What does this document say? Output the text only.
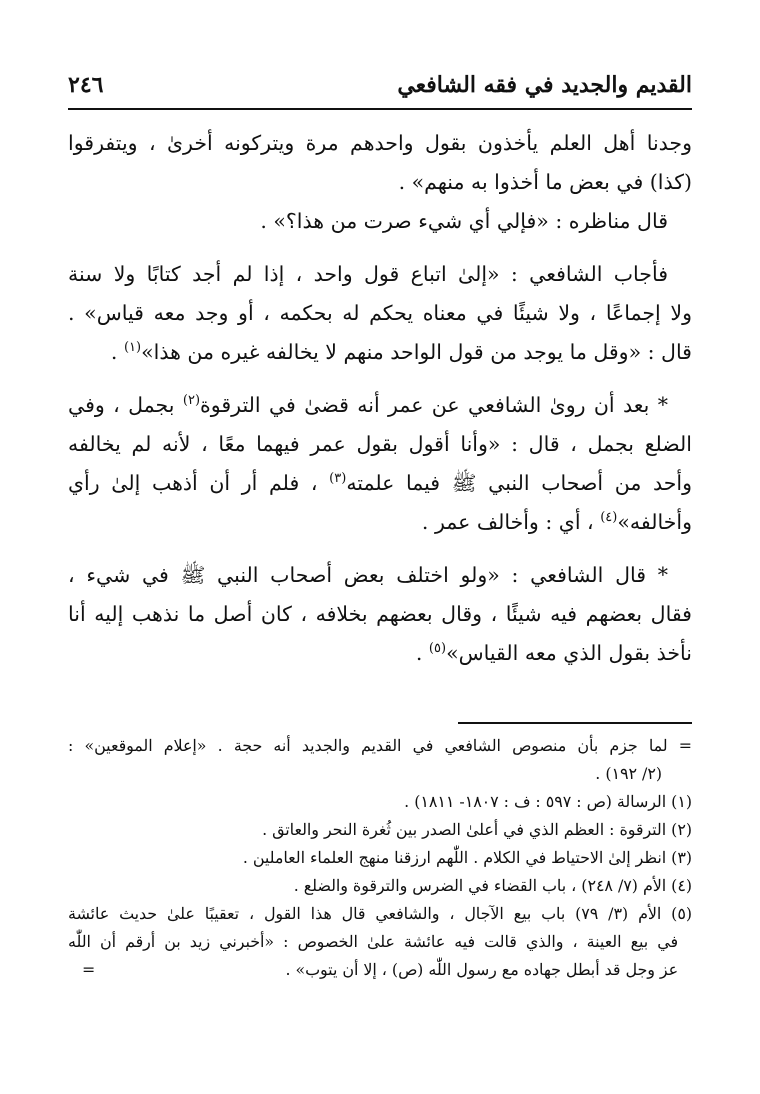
القديم والجديد في فقه الشافعي
٢٤٦
وجدنا أهل العلم يأخذون بقول واحدهم مرة ويتركونه أخرىٰ ، ويتفرقوا
(كذا) في بعض ما أخذوا به منهم» .
قال مناظره : «فإلي أي شيء صرت من هذا؟» .
فأجاب الشافعي : «إلىٰ اتباع قول واحد ، إذا لم أجد كتابًا ولا سنة
ولا إجماعًا ، ولا شيئًا في معناه يحكم له بحكمه ، أو وجد معه قياس» .
قال : «وقل ما يوجد من قول الواحد منهم لا يخالفه غيره من هذا»$^{(١)}$ .
* بعد أن روىٰ الشافعي عن عمر أنه قضىٰ في الترقوة$^{(٢)}$ بجمل ، وفي
الضلع بجمل ، قال : «وأنا أقول بقول عمر فيهما معًا ، لأنه لم يخالفه
وأحد من أصحاب النبي ﷺ فيما علمته$^{(٣)}$ ، فلم أر أن أذهب إلىٰ رأي
وأخالفه»$^{(٤)}$ ، أي : وأخالف عمر .
* قال الشافعي : «ولو اختلف بعض أصحاب النبي ﷺ في شيء ،
فقال بعضهم فيه شيئًا ، وقال بعضهم بخلافه ، كان أصل ما نذهب إليه أنا
نأخذ بقول الذي معه القياس»$^{(٥)}$ .
= لما جزم بأن منصوص الشافعي في القديم والجديد أنه حجة . «إعلام الموقعين» :
(٢/ ١٩٢) .
(١) الرسالة (ص : ٥٩٧ : ف : ١٨٠٧- ١٨١١) .
(٢) الترقوة : العظم الذي في أعلىٰ الصدر بين ثُغرة النحر والعاتق .
(٣) انظر إلىٰ الاحتياط في الكلام . اللّٰهم ارزقنا منهج العلماء العاملين .
(٤) الأم (٧/ ٢٤٨) ، باب القضاء في الضرس والترقوة والضلع .
(٥) الأم (٣/ ٧٩) باب بيع الآجال ، والشافعي قال هذا القول ، تعقيبًا علىٰ حديث عائشة
في بيع العينة ، والذي قالت فيه عائشة علىٰ الخصوص : «أخبرني زيد بن أرقم أن اللّٰه
عز وجل قد أبطل جهاده مع رسول اللّٰه (ص) ، إلا أن يتوب» .
=
